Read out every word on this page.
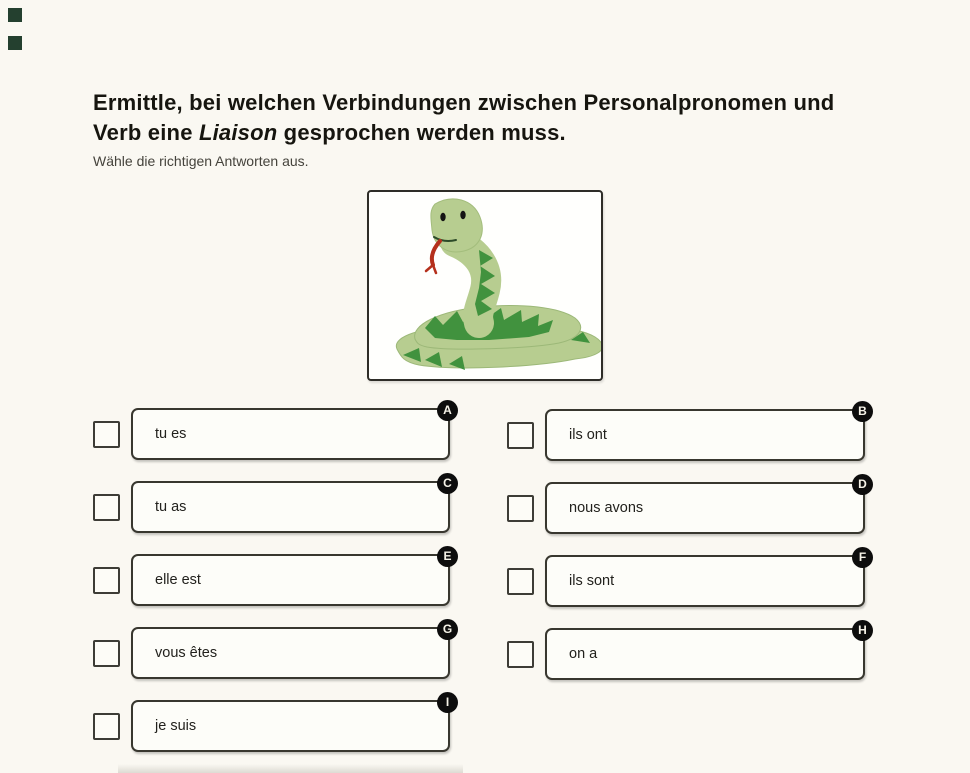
Ermittle, bei welchen Verbindungen zwischen Personalpronomen und
Verb eine Liaison gesprochen werden muss.
Wähle die richtigen Antworten aus.
tu es
A
tu as
C
elle est
E
vous êtes
G
je suis
I
ils ont
B
nous avons
D
ils sont
F
on a
H
